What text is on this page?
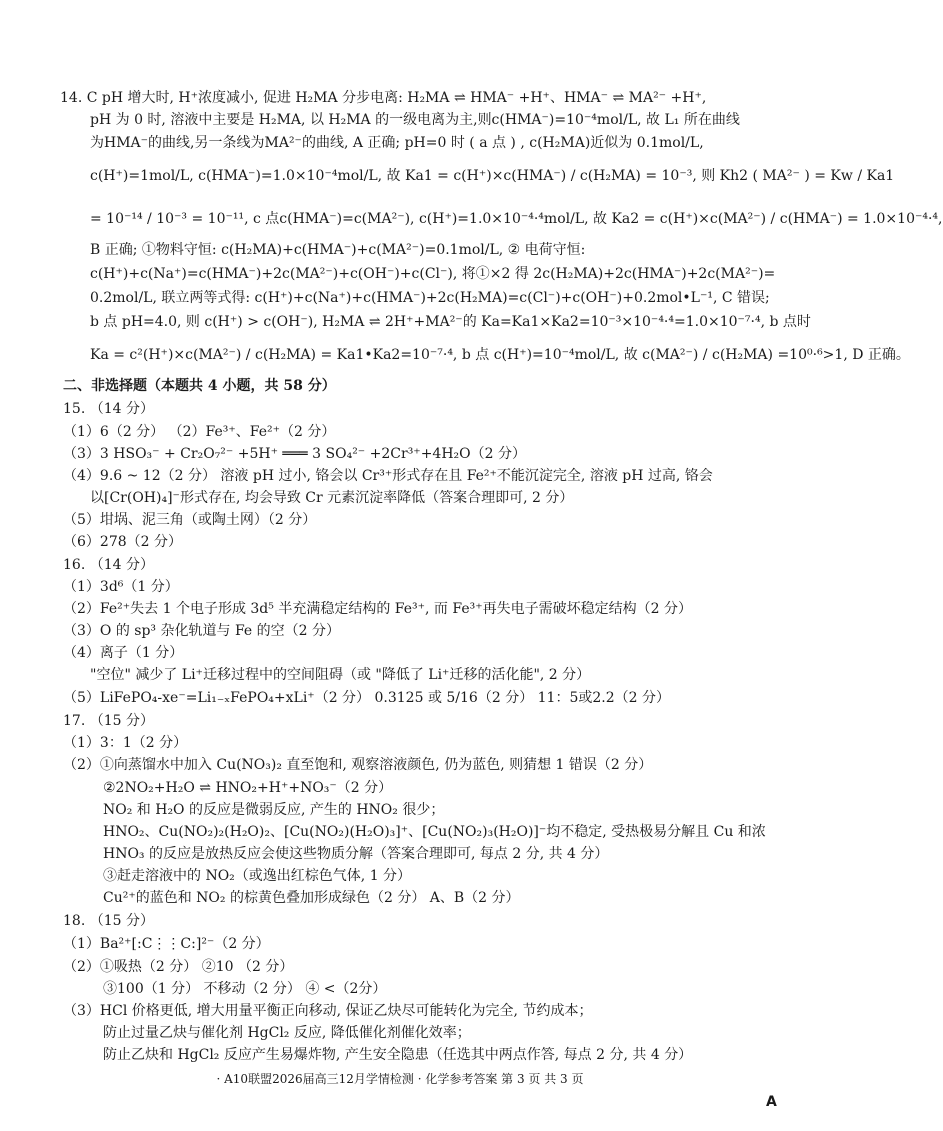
14. C pH 增大时, H⁺浓度减小, 促进 H₂MA 分步电离: H₂MA ⇌ HMA⁻ +H⁺、HMA⁻ ⇌ MA²⁻ +H⁺,
pH 为 0 时, 溶液中主要是 H₂MA, 以 H₂MA 的一级电离为主,则c(HMA⁻)=10⁻⁴mol/L, 故 L₁ 所在曲线
为HMA⁻的曲线,另一条线为MA²⁻的曲线, A 正确; pH=0 时 ( a 点 ) , c(H₂MA)近似为 0.1mol/L,
c(H⁺)=1mol/L, c(HMA⁻)=1.0×10⁻⁴mol/L, 故 Ka1 = c(H⁺)×c(HMA⁻) / c(H₂MA) = 10⁻³, 则 Kh2 ( MA²⁻ ) = Kw / Ka1
= 10⁻¹⁴ / 10⁻³ = 10⁻¹¹, c 点c(HMA⁻)=c(MA²⁻), c(H⁺)=1.0×10⁻⁴·⁴mol/L, 故 Ka2 = c(H⁺)×c(MA²⁻) / c(HMA⁻) = 1.0×10⁻⁴·⁴,
B 正确; ①物料守恒: c(H₂MA)+c(HMA⁻)+c(MA²⁻)=0.1mol/L, ② 电荷守恒:
c(H⁺)+c(Na⁺)=c(HMA⁻)+2c(MA²⁻)+c(OH⁻)+c(Cl⁻), 将①×2 得 2c(H₂MA)+2c(HMA⁻)+2c(MA²⁻)=
0.2mol/L, 联立两等式得: c(H⁺)+c(Na⁺)+c(HMA⁻)+2c(H₂MA)=c(Cl⁻)+c(OH⁻)+0.2mol•L⁻¹, C 错误;
b 点 pH=4.0, 则 c(H⁺) > c(OH⁻), H₂MA ⇌ 2H⁺+MA²⁻的 Ka=Ka1×Ka2=10⁻³×10⁻⁴·⁴=1.0×10⁻⁷·⁴, b 点时
Ka = c²(H⁺)×c(MA²⁻) / c(H₂MA) = Ka1•Ka2=10⁻⁷·⁴, b 点 c(H⁺)=10⁻⁴mol/L, 故 c(MA²⁻) / c(H₂MA) =10⁰·⁶>1, D 正确。
二、非选择题（本题共 4 小题，共 58 分）
15. （14 分）
（1）6（2 分） （2）Fe³⁺、Fe²⁺（2 分）
（3）3 HSO₃⁻ + Cr₂O₇²⁻ +5H⁺ ═══ 3 SO₄²⁻ +2Cr³⁺+4H₂O（2 分）
（4）9.6 ~ 12（2 分） 溶液 pH 过小, 铬会以 Cr³⁺形式存在且 Fe²⁺不能沉淀完全, 溶液 pH 过高, 铬会
以[Cr(OH)₄]⁻形式存在, 均会导致 Cr 元素沉淀率降低（答案合理即可, 2 分）
（5）坩埚、泥三角（或陶土网）（2 分）
（6）278（2 分）
16. （14 分）
（1）3d⁶（1 分）
（2）Fe²⁺失去 1 个电子形成 3d⁵ 半充满稳定结构的 Fe³⁺, 而 Fe³⁺再失电子需破坏稳定结构（2 分）
（3）O 的 sp³ 杂化轨道与 Fe 的空（2 分）
（4）离子（1 分）
"空位" 减少了 Li⁺迁移过程中的空间阻碍（或 "降低了 Li⁺迁移的活化能", 2 分）
（5）LiFePO₄-xe⁻=Li₁₋ₓFePO₄+xLi⁺（2 分） 0.3125 或 5/16（2 分） 11：5或2.2（2 分）
17. （15 分）
（1）3：1（2 分）
（2）①向蒸馏水中加入 Cu(NO₃)₂ 直至饱和, 观察溶液颜色, 仍为蓝色, 则猜想 1 错误（2 分）
②2NO₂+H₂O ⇌ HNO₂+H⁺+NO₃⁻（2 分）
NO₂ 和 H₂O 的反应是微弱反应, 产生的 HNO₂ 很少；
HNO₂、Cu(NO₂)₂(H₂O)₂、[Cu(NO₂)(H₂O)₃]⁺、[Cu(NO₂)₃(H₂O)]⁻均不稳定, 受热极易分解且 Cu 和浓
HNO₃ 的反应是放热反应会使这些物质分解（答案合理即可, 每点 2 分, 共 4 分）
③赶走溶液中的 NO₂（或逸出红棕色气体, 1 分）
Cu²⁺的蓝色和 NO₂ 的棕黄色叠加形成绿色（2 分） A、B（2 分）
18. （15 分）
（1）Ba²⁺[:C⋮⋮C:]²⁻（2 分）
（2）①吸热（2 分） ②10 （2 分）
③100（1 分） 不移动（2 分） ④ <（2分）
（3）HCl 价格更低, 增大用量平衡正向移动, 保证乙炔尽可能转化为完全, 节约成本；
防止过量乙炔与催化剂 HgCl₂ 反应, 降低催化剂催化效率；
防止乙炔和 HgCl₂ 反应产生易爆炸物, 产生安全隐患（任选其中两点作答, 每点 2 分, 共 4 分）
· A10联盟2026届高三12月学情检测 · 化学参考答案 第 3 页 共 3 页
A
